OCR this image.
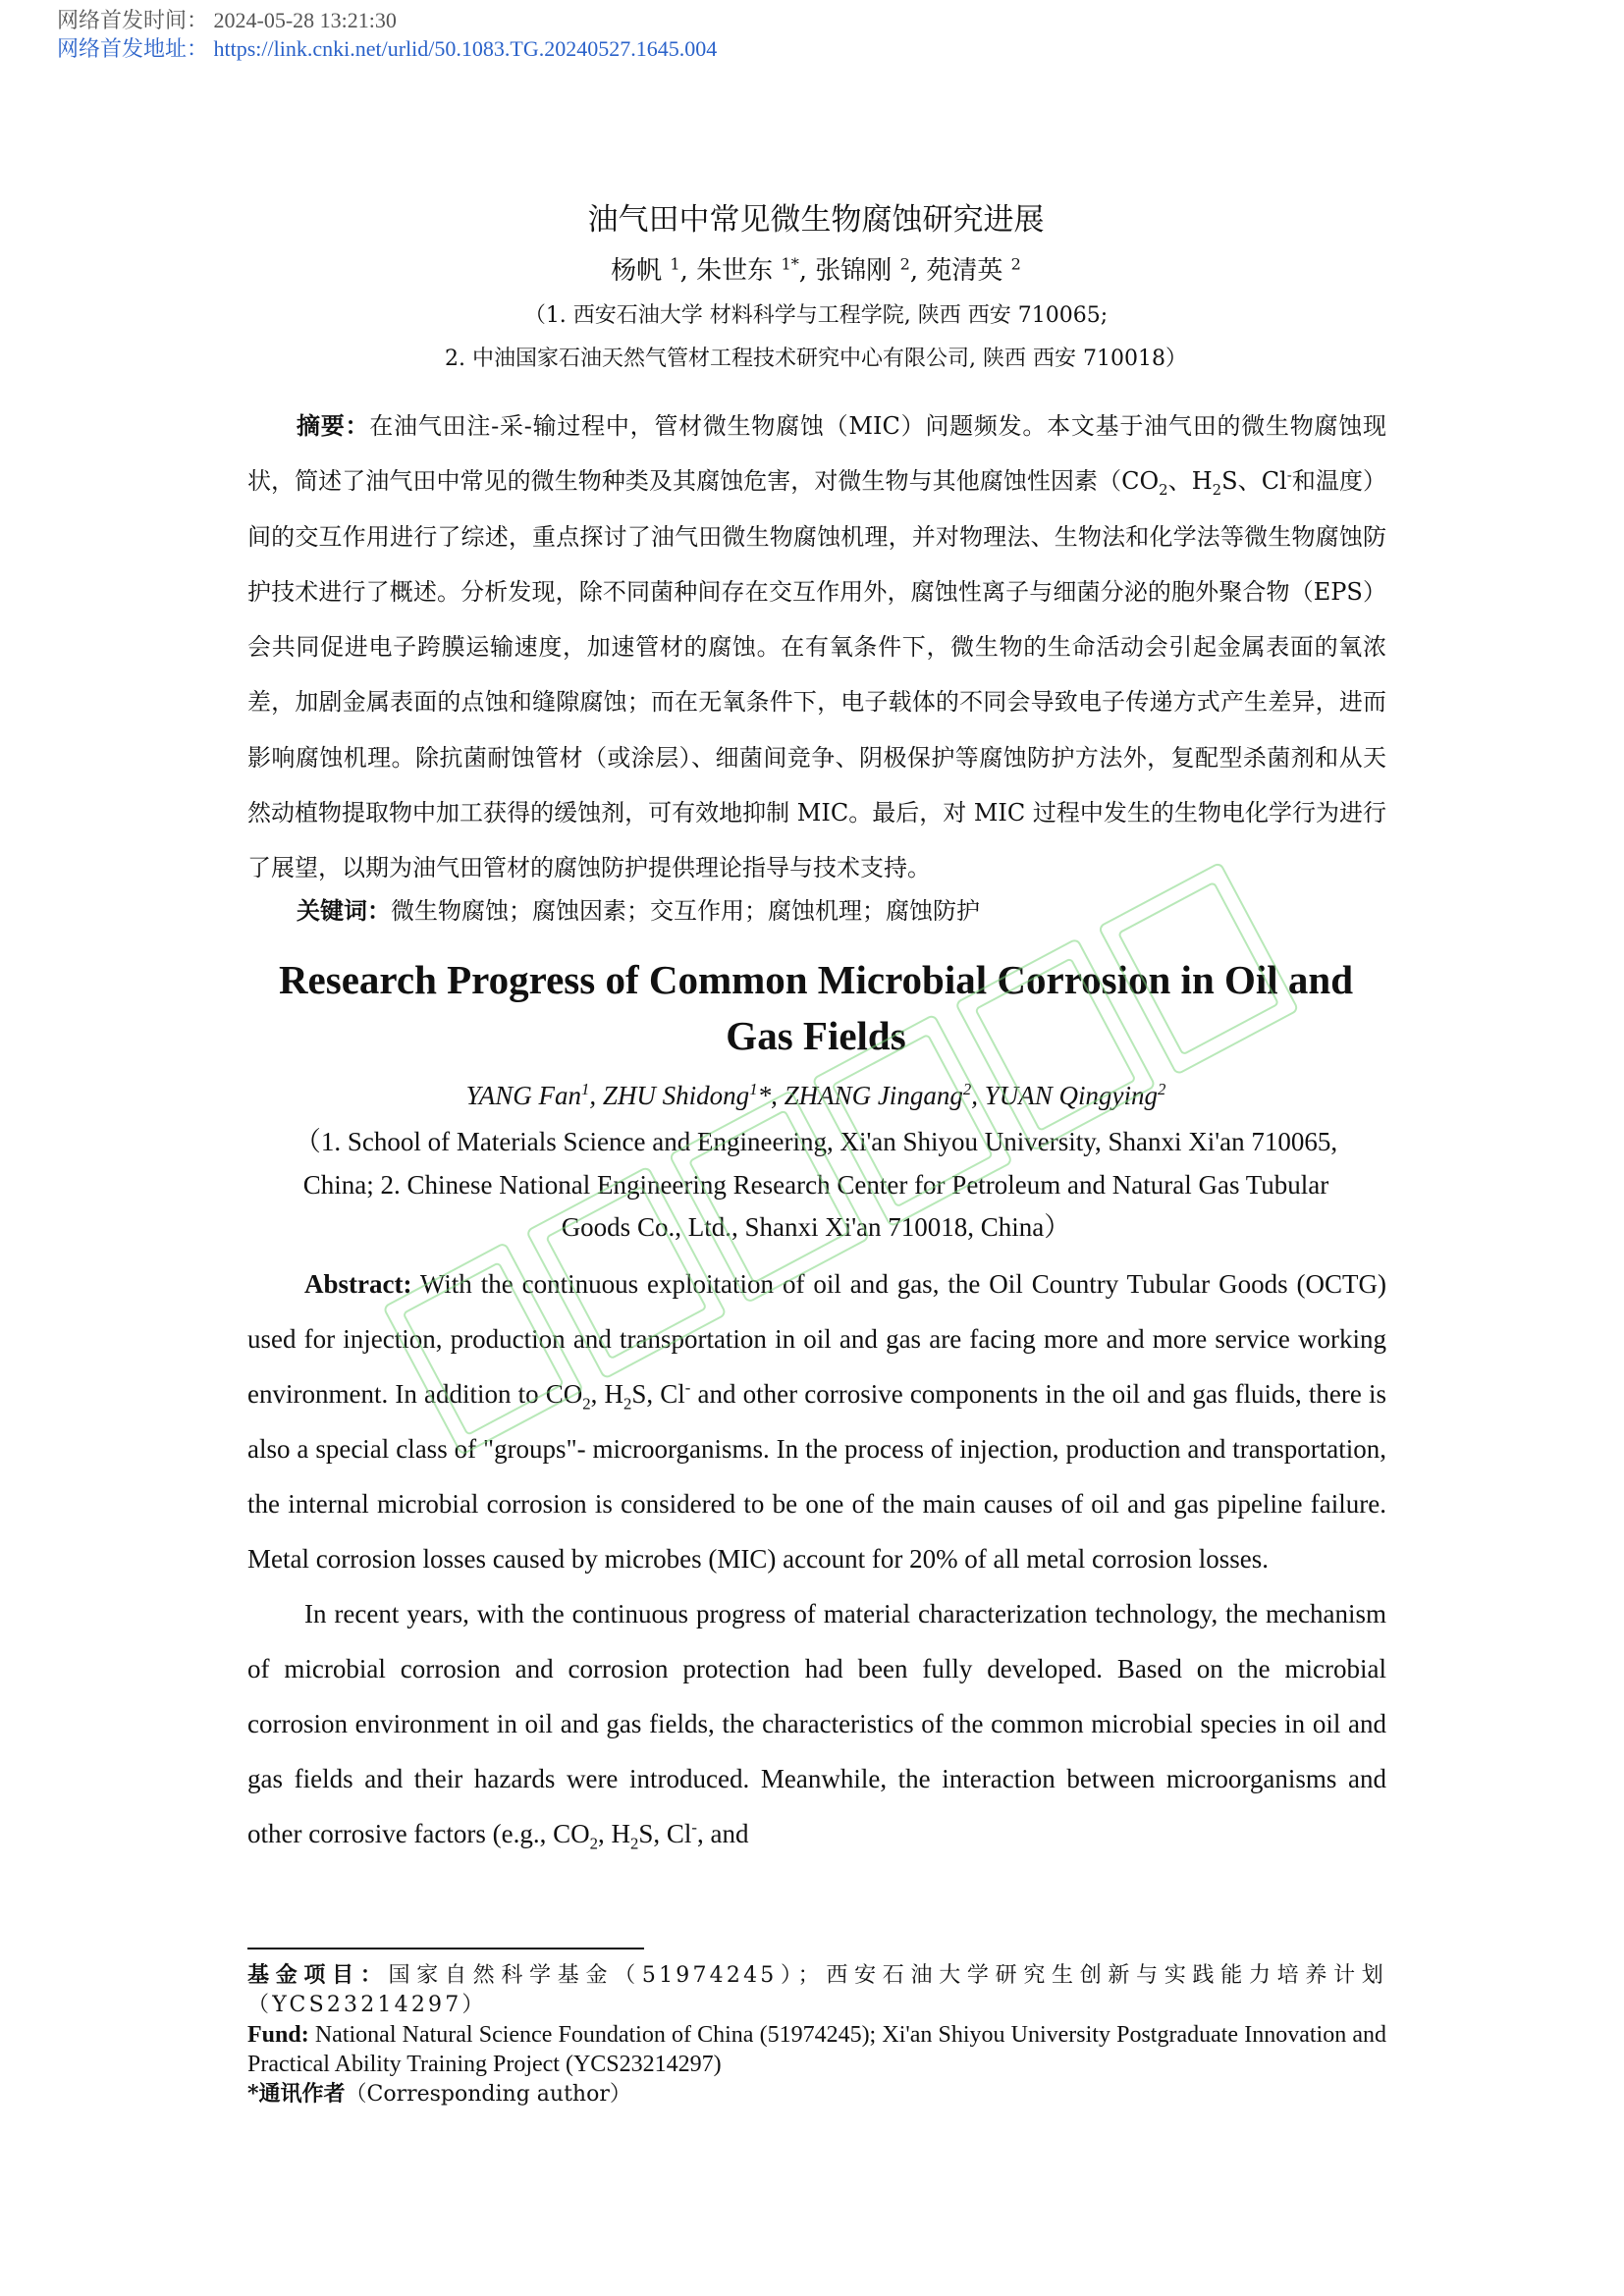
网络首发时间： 2024-05-28 13:21:30
网络首发地址： https://link.cnki.net/urlid/50.1083.TG.20240527.1645.004
油气田中常见微生物腐蚀研究进展
杨帆 $^1$, 朱世东 $^{1*}$, 张锦刚 $^2$, 苑清英 $^2$
（1. 西安石油大学 材料科学与工程学院, 陕西 西安 710065;
2. 中油国家石油天然气管材工程技术研究中心有限公司, 陕西 西安 710018）

摘要：在油气田注-采-输过程中，管材微生物腐蚀（MIC）问题频发。本文基于油气田的微生物腐蚀现状，简述了油气田中常见的微生物种类及其腐蚀危害，对微生物与其他腐蚀性因素（$CO_2$、$H_2S$、Cl-和温度）间的交互作用进行了综述，重点探讨了油气田微生物腐蚀机理，并对物理法、生物法和化学法等微生物腐蚀防护技术进行了概述。分析发现，除不同菌种间存在交互作用外，腐蚀性离子与细菌分泌的胞外聚合物（EPS）会共同促进电子跨膜运输速度，加速管材的腐蚀。在有氧条件下，微生物的生命活动会引起金属表面的氧浓差，加剧金属表面的点蚀和缝隙腐蚀；而在无氧条件下，电子载体的不同会导致电子传递方式产生差异，进而影响腐蚀机理。除抗菌耐蚀管材（或涂层）、细菌间竞争、阴极保护等腐蚀防护方法外，复配型杀菌剂和从天然动植物提取物中加工获得的缓蚀剂，可有效地抑制 MIC。最后，对 MIC 过程中发生的生物电化学行为进行了展望，以期为油气田管材的腐蚀防护提供理论指导与技术支持。

关键词：微生物腐蚀；腐蚀因素；交互作用；腐蚀机理；腐蚀防护
Research Progress of Common Microbial Corrosion in Oil and
Gas Fields
YANG Fan$^1$, ZHU Shidong$^1$*, ZHANG Jingang$^2$, YUAN Qingying$^2$
（1. School of Materials Science and Engineering, Xi'an Shiyou University, Shanxi Xi'an 710065,
China; 2. Chinese National Engineering Research Center for Petroleum and Natural Gas Tubular
Goods Co., Ltd., Shanxi Xi'an 710018, China）

Abstract: With the continuous exploitation of oil and gas, the Oil Country Tubular Goods (OCTG) used for injection, production and transportation in oil and gas are facing more and more service working environment. In addition to $CO_2$, $H_2S$, Cl- and other corrosive components in the oil and gas fluids, there is also a special class of "groups"- microorganisms. In the process of injection, production and transportation, the internal microbial corrosion is considered to be one of the main causes of oil and gas pipeline failure. Metal corrosion losses caused by microbes (MIC) account for 20% of all metal corrosion losses.

In recent years, with the continuous progress of material characterization technology, the mechanism of microbial corrosion and corrosion protection had been fully developed. Based on the microbial corrosion environment in oil and gas fields, the characteristics of the common microbial species in oil and gas fields and their hazards were introduced. Meanwhile, the interaction between microorganisms and other corrosive factors (e.g., $CO_2$, $H_2S$, Cl-, and

基金项目：国家自然科学基金（51974245）；西安石油大学研究生创新与实践能力培养计划（YCS23214297）

Fund: National Natural Science Foundation of China (51974245); Xi'an Shiyou University Postgraduate Innovation and Practical Ability Training Project (YCS23214297)

*通讯作者（Corresponding author）
